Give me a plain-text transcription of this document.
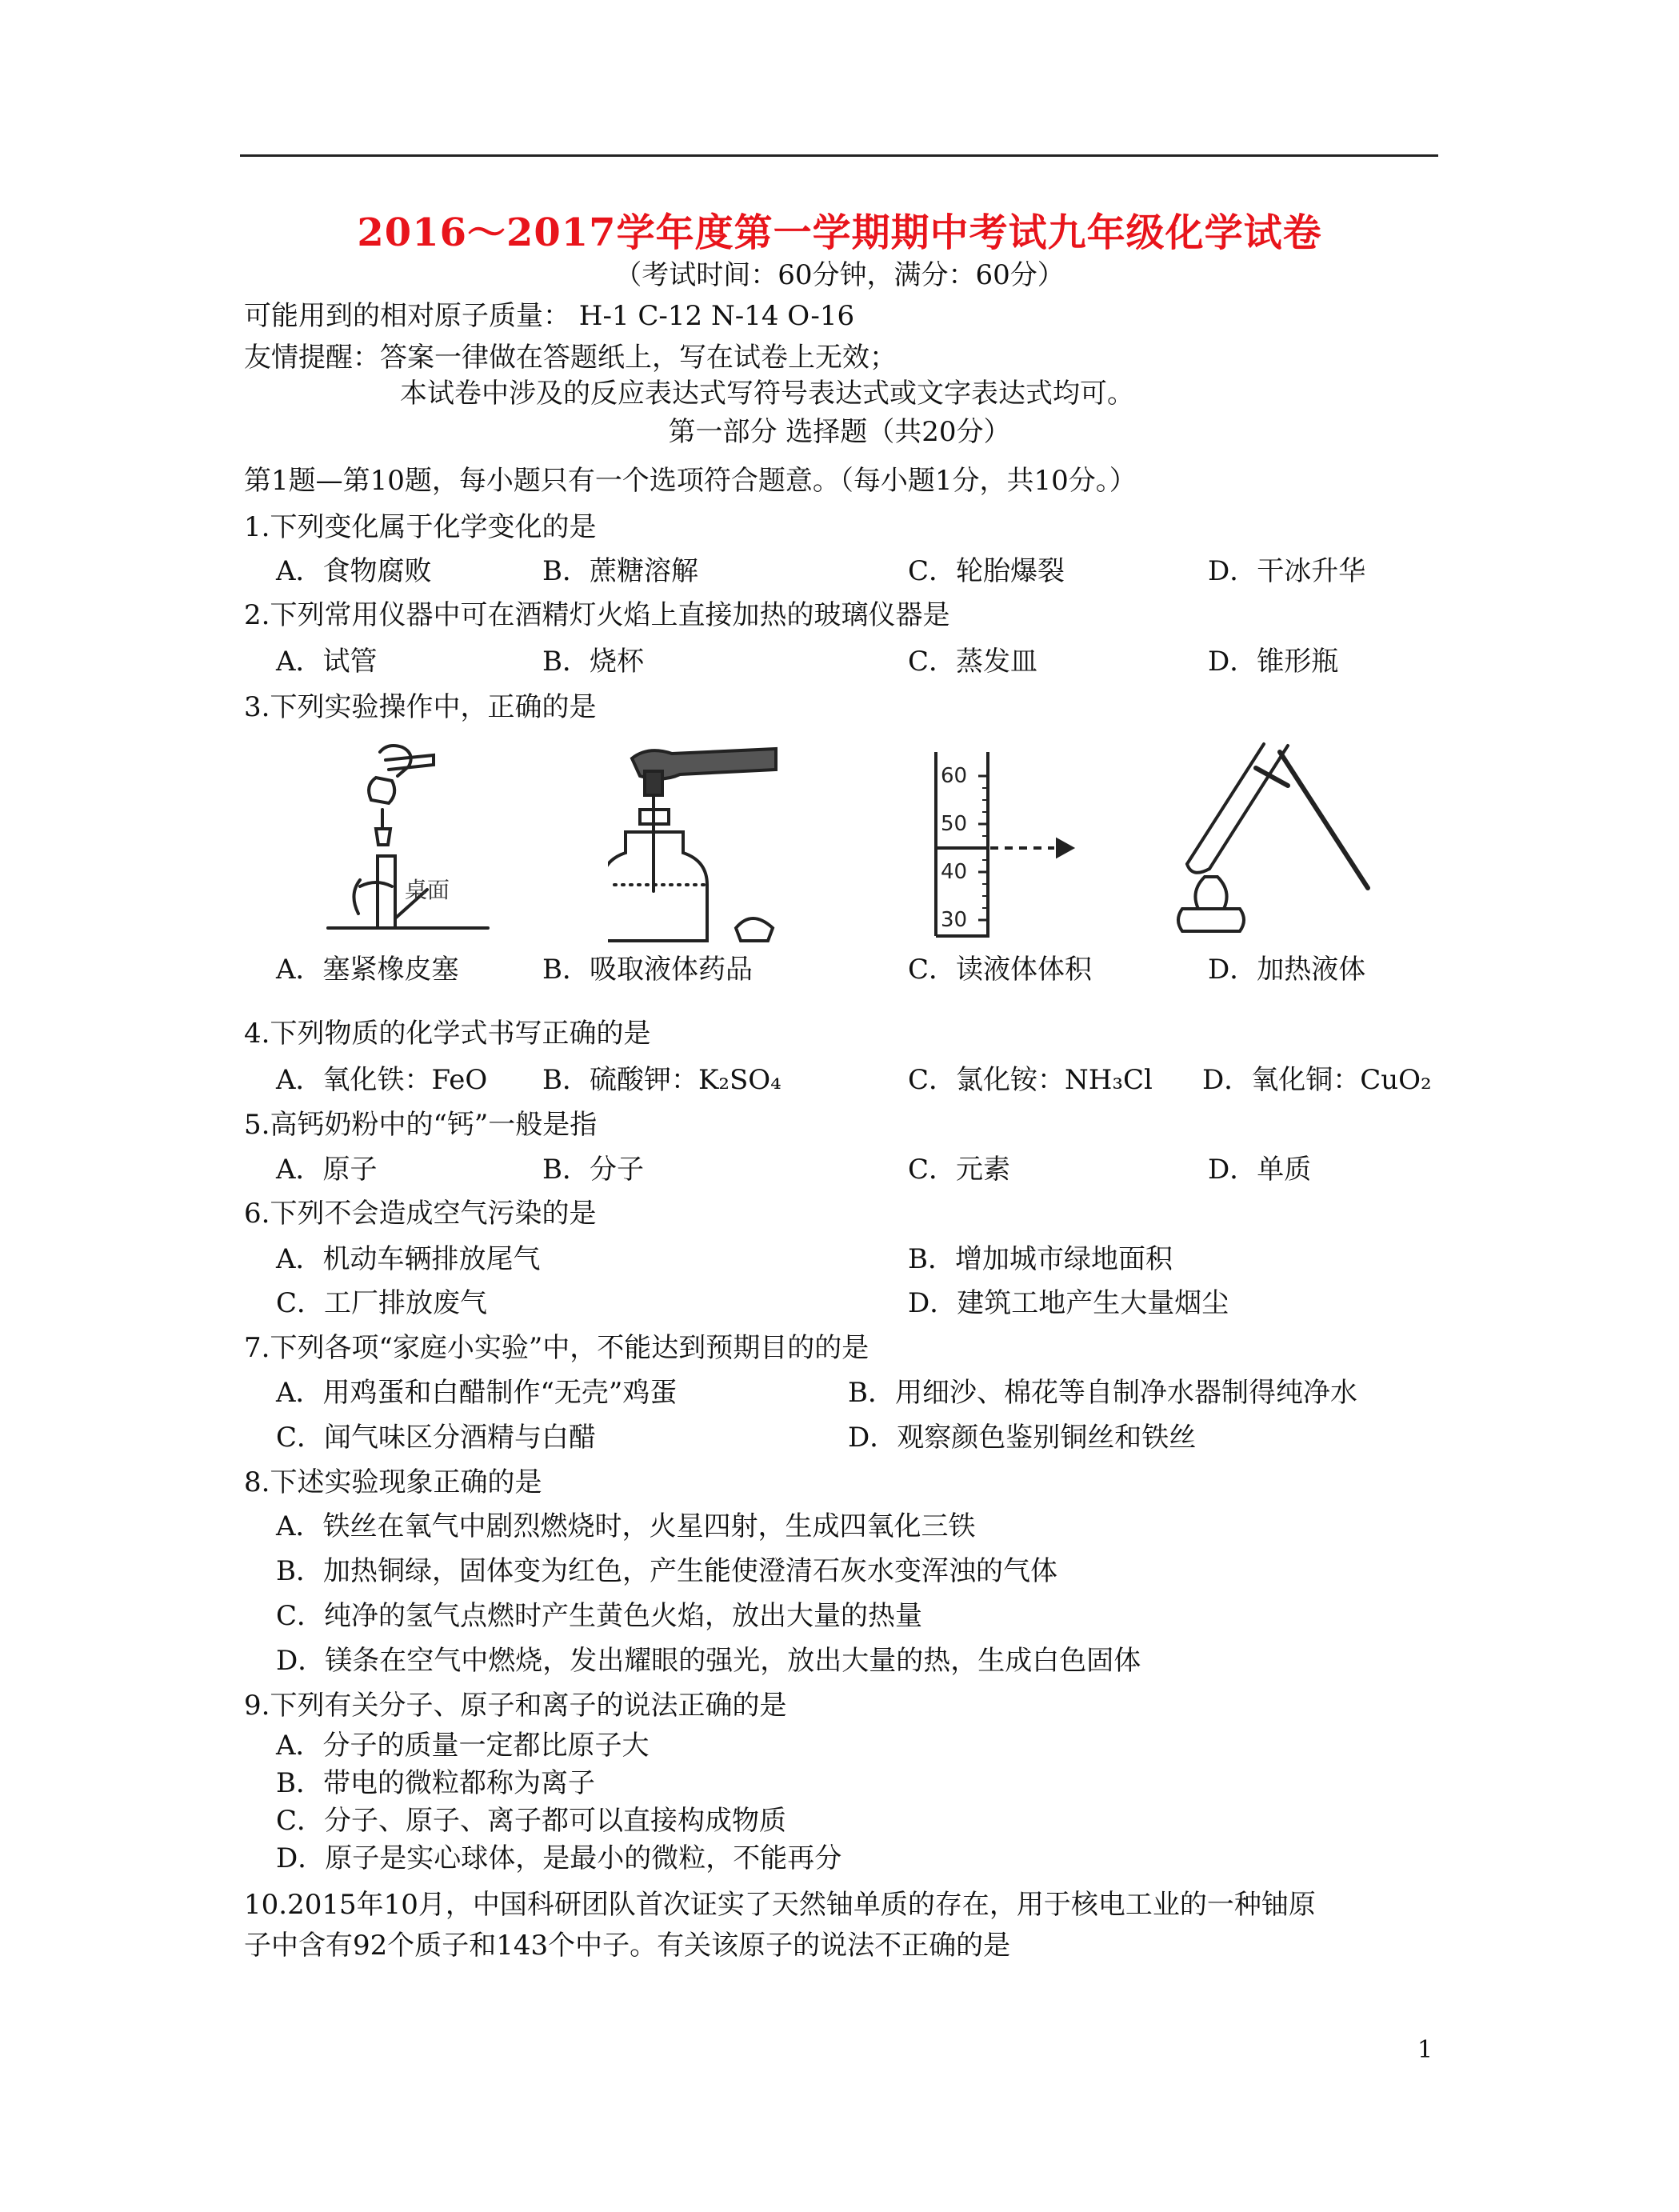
2016～2017学年度第一学期期中考试九年级化学试卷
（考试时间：60分钟，满分：60分）
可能用到的相对原子质量： H-1 C-12 N-14 O-16
友情提醒：答案一律做在答题纸上，写在试卷上无效；
本试卷中涉及的反应表达式写符号表达式或文字表达式均可。
第一部分 选择题（共20分）
第1题—第10题，每小题只有一个选项符合题意。（每小题1分，共10分。）
1.下列变化属于化学变化的是
A．食物腐败	B．蔗糖溶解	C．轮胎爆裂	D．干冰升华
2.下列常用仪器中可在酒精灯火焰上直接加热的玻璃仪器是
A．试管	B．烧杯	C．蒸发皿	D．锥形瓶
3.下列实验操作中，正确的是
桌面
60
50
40
30
A．塞紧橡皮塞	B．吸取液体药品	C．读液体体积	D．加热液体
4.下列物质的化学式书写正确的是
A．氧化铁：FeO B．硫酸钾：K₂SO₄	C．氯化铵：NH₃Cl D．氧化铜：CuO₂
5.高钙奶粉中的“钙”一般是指
A．原子	B．分子	C．元素	D．单质
6.下列不会造成空气污染的是
A．机动车辆排放尾气	B．增加城市绿地面积
C．工厂排放废气	D．建筑工地产生大量烟尘
7.下列各项“家庭小实验”中，不能达到预期目的的是
A．用鸡蛋和白醋制作“无壳”鸡蛋	B．用细沙、棉花等自制净水器制得纯净水
C．闻气味区分酒精与白醋	D．观察颜色鉴别铜丝和铁丝
8.下述实验现象正确的是
A．铁丝在氧气中剧烈燃烧时，火星四射，生成四氧化三铁
B．加热铜绿，固体变为红色，产生能使澄清石灰水变浑浊的气体
C．纯净的氢气点燃时产生黄色火焰，放出大量的热量
D．镁条在空气中燃烧，发出耀眼的强光，放出大量的热，生成白色固体
9.下列有关分子、原子和离子的说法正确的是
A．分子的质量一定都比原子大
B．带电的微粒都称为离子
C．分子、原子、离子都可以直接构成物质
D．原子是实心球体，是最小的微粒，不能再分
10.2015年10月，中国科研团队首次证实了天然铀单质的存在，用于核电工业的一种铀原
子中含有92个质子和143个中子。有关该原子的说法不正确的是
1
